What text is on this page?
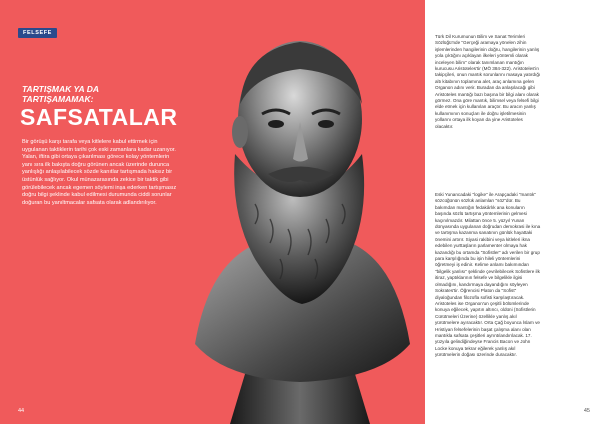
FELSEFE
TARTIŞMAK YA DA TARTIŞAMAMAK:
SAFSATALAR
Bir görüşü karşı tarafa veya kitlelere kabul ettirmek için uygulanan taktiklerin tarihi çok eski zamanlara kadar uzanıyor. Yalan, iftira gibi ortaya çıkarılması görece kolay yöntemlerin yanı sıra ilk bakışta doğru görünen ancak üzerinde durunca yanlışlığı anlaşılabilecek sözde kanıtlar tartışmada haksız bir üstünlük sağlıyor. Okul münazarasında zekice bir taktik gibi görülebilecek ancak egemen söylemi inşa ederken tartışmasız doğru bilgi şeklinde kabul edilmesi durumunda ciddi sorunlar doğuran bu yanıltmacalar safsata olarak adlandırılıyor.
44
Türk Dil Kurumunun Bilim ve Sanat Terimleri Sözlüğü'nde "Gerçeği aramaya yönelen zihin işlemlerinden hangilerinin doğru, hangilerinin yanlış yola çıktığını açıklayan ilkeleri yöntemli olarak inceleyen bilim" olarak tanımlanan mantığın kurucusu Aristoteles'tir (MÖ 384-322). Aristoteles'in takipçileri, onun mantık sorunlarını masaya yatırdığı altı kitabının toplamına alet, araç anlamına gelen Organon adını verir. Buradan da anlaşılacağı gibi Aristoteles mantığı bazı başına bir bilgi alanı olarak görmez. Ona göre mantık, bilimsel veya felsefi bilgi elde etmek için kullanılan araçtır. Bu aracın yanlış kullanımının sonuçları ile doğru işletilmesinin yollarını ortaya ilk koyan da yine Aristoteles olacaktır.
Eski Yunancadaki "logike" ile Arapçadaki "mantık" sözcüğünün sözlük anlamları "söz"dür. Bu bakımdan mantığın fedakârlık ana konuların başında sözlü tartışma yöntemlerinin gelmesi kaçınılmazdır. Milattan önce 5. yüzyıl Yunan dünyasında uygulanan doğrudan demokrasi ile kına ve tartışma kazanma sanatının günlük hayattaki önemini artırır. Siyasi rakibini veya kitleleri ikna edebilen yurttaşların parlamenter olmaya hak kazandığı bu ortamda "Sofistler" adı verilen bir grup para karşılığında bu işin hileli yöntemlerini öğretmeyi iş edinir. Kelime anlamı bakımından "bilgelik yanlısı" şeklinde çevrilebilecek Sofistlere ilk itiraz, yaptıklarının felsefe ve bilgelikle ilgisi olmadığını, kandırmaya dayandığını söyleyen Sokrates'tir. Öğrencisi Platon da "Sofist" diyaloğundan filozofla sofisti karşılaştıracak. Aristoteles ise Organon'un çeşitli bölümlerinde konuya eğilecek, yapıtın altıncı, oldüni (Sofistlerin Cürütmeleri Üzerine) özellikle yanlış akıl yürütmelere ayıracaktır. Orta Çağ boyunca İslam ve Hristiyan felsefelerinin başat çalışma alanı olan mantıkla safsata çeşitleri ayrıntılandırılacak. 17. yüzyıla gelindiğindeyse Francis Bacon ve John Locke konuya tekrar eğilerek yanlış akıl yürütmelerin doğası üzerinde duracaktır.
45
